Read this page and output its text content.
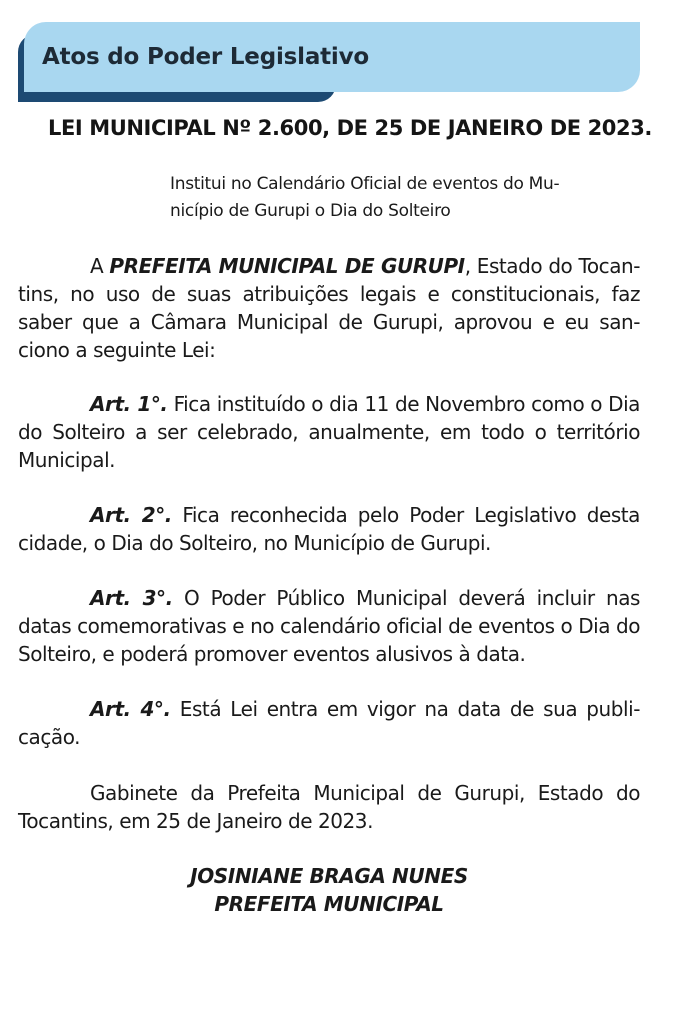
Atos do Poder Legislativo
LEI MUNICIPAL Nº 2.600, DE 25 DE JANEIRO DE 2023.
Institui no Calendário Oficial de eventos do Mu-
nicípio de Gurupi o Dia do Solteiro
A PREFEITA MUNICIPAL DE GURUPI, Estado do Tocan-tins, no uso de suas atribuições legais e constitucionais, faz saber que a Câmara Municipal de Gurupi, aprovou e eu san-ciono a seguinte Lei:
Art. 1°. Fica instituído o dia 11 de Novembro como o Dia do Solteiro a ser celebrado, anualmente, em todo o território Municipal.
Art. 2°. Fica reconhecida pelo Poder Legislativo desta cidade, o Dia do Solteiro, no Município de Gurupi.
Art. 3°. O Poder Público Municipal deverá incluir nas datas comemorativas e no calendário oficial de eventos o Dia do Solteiro, e poderá promover eventos alusivos à data.
Art. 4°. Está Lei entra em vigor na data de sua publi-cação.
Gabinete da Prefeita Municipal de Gurupi, Estado do Tocantins, em 25 de Janeiro de 2023.
JOSINIANE BRAGA NUNES
PREFEITA MUNICIPAL
